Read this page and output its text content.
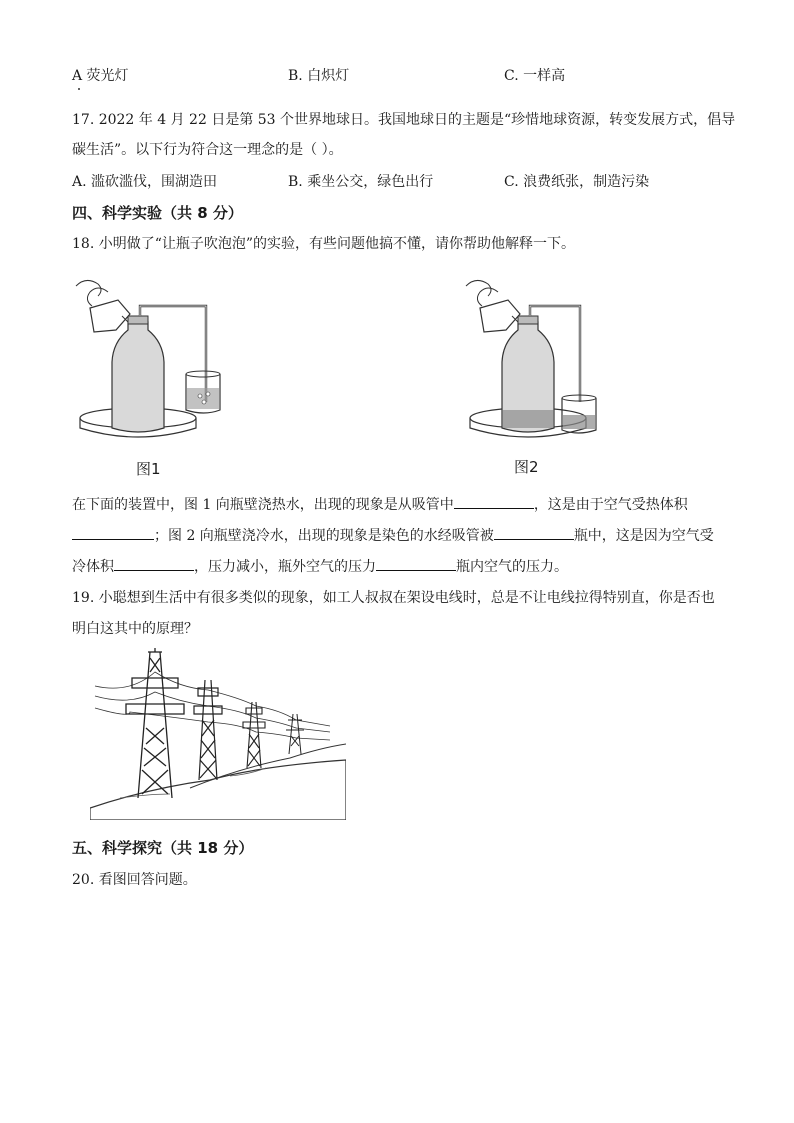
A 荧光灯	B. 白炽灯	C. 一样高
17. 2022 年 4 月 22 日是第 53 个世界地球日。我国地球日的主题是“珍惜地球资源，转变发展方式，倡导
碳生活”。以下行为符合这一理念的是（ ）。
A. 滥砍滥伐，围湖造田	B. 乘坐公交，绿色出行	C. 浪费纸张，制造污染
四、科学实验（共 8 分）
18. 小明做了“让瓶子吹泡泡”的实验，有些问题他搞不懂，请你帮助他解释一下。
图1	图2
在下面的装置中，图 1 向瓶壁浇热水，出现的现象是从吸管中	，这是由于空气受热体积
；图 2 向瓶壁浇冷水，出现的现象是染色的水经吸管被	瓶中，这是因为空气受
冷体积	，压力减小，瓶外空气的压力	瓶内空气的压力。
19. 小聪想到生活中有很多类似的现象，如工人叔叔在架设电线时，总是不让电线拉得特别直，你是否也
明白这其中的原理？
五、科学探究（共 18 分）
20. 看图回答问题。
